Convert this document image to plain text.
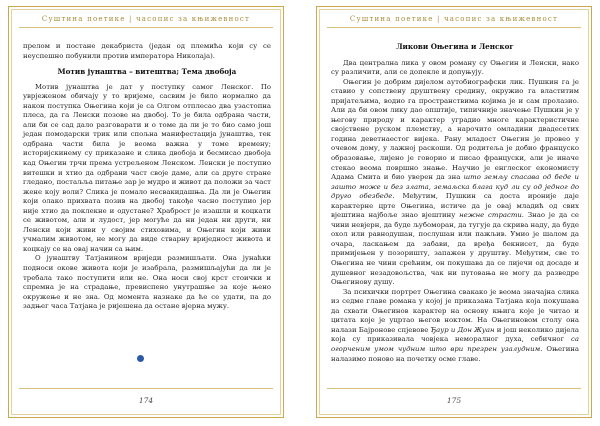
Суштина поетике | часопис за књижевност

прелом и постане декабриста (један од племића који су се неуспешно побунили против императора Николаја).

Мотив јунаштва – витештва; Тема двобоја

Мотив јунаштва је дат у поступку самог Ленског. По уврјеженом обичају у то вријеме, сасвим је било нормално да након поступка Оњегина који је са Олгом отплесао два узастопна плеса, да га Ленски позове на двобој. То је била одбрана части, али би се сад дало разговарати и о томе да ли је то био само још један помодарски трик или спољна манифестација јунаштва, тек одбрана части била је веома важна у томе времену; историјскинему су приказане и слика двобоја и бесмисао двобоја кад Оњегин трчи према устрељеном Ленском. Ленски је поступио витешки и хтио да одбрани част своје даме, али са друге стране гледано, постаљља питање зар је мудро и живот да положи за част жене коју воли? Слика је помало несвакидашња. Да ли је Оњегин који олако прихвата позив на двобој такође часно поступио јер није хтио да поклекне и одустане? Храброст је изашли и коцкати се животом, али и лудост, јер могуће да ни један ни други, ни Ленски који живи у својим стиховима, и Оњегин који живи учмалим животом, не могу да виде стварну вриједност живота и коцкају се на овај начин са њим.

О јунаштву Татјанином вриједи размишљати. Она јунаћки подноси окове живота који је изабрала, размишљајући да ли је требала тако поступити или не. Она носи свој крст стоички и спремна је на страдање, превиспено унутрашње за које њено окружење и не зна. Од момента назнаке да ће се удати, па до задњег часа Татјана је ријешена да остане вјерна мужу.

174
Суштина поетике | часопис за књижевност
Ликови Оњегина и Ленског

Два централна лика у овом роману су Оњегин и Ленски, нако су различити, али се допекле и допуњују.

Оњегин је добрим дијелом аутобиографски лик. Пушкин га је ставио у сопствену друштвену средину, окружио га властитим пријатељима, водио га пространствима којима је и сам пролазио. Али да би овом лику дао општије, типичније значење Пушкин је у његову природу и карактер уградио многе карактеристичне својствене руском племству, а нарочито омладини двадесетих година деветнаестог вијека. Рану младост Оњегин је провео у очевом дому, у лажној раскоши. Од родитеља је добио француско образовање, лијено је говорио и писао француски, али је иначе стекао веома површно знање. Научио је енглеског економисту Адама Смита и био уверен да зна што земљу спасава од беде и зашто може и без злата, земаљска блага куд ли су од једног до друго обезбеде. Међутим, Пушкин са доста ироније даје карактерне црте Оњегина, истиче да је овај младић од свих вјештина најбоље знао вјештину нежне страсти. Знао је да се чини невјерн, да буде љубоморан, да тугује да скрива наду, да буде охол или равнодушан, послушан или пажљив. Умио је шалом да очара, ласкањем да забави, да вређа бекнисет, да буде примијењен у позоришту, запажен у друштву. Међутим, све то Оњегина не чини срећним, он покушава да се лијечи од досаде и душевног незадовољства, чак ни путовања не могу да разведре Оњегинову душу.

За психички портрет Оњегина свакако је веома значајна слика из седме главе романа у којој је приказана Татјана која покушава да схвати Оњегинов карактер на основу књига које је читао и цитата које је уцртао његов ноктом. На Оњегиновом столу она налази Бајронове спјевове Ђаур и Дон Жуан и још неколико дијела која су приказивала човјека неморалног духа, себичног са огорченим умом чудним што ври презрен узалудним. Оњегина налазимо поново на почетку осме главе.

175
